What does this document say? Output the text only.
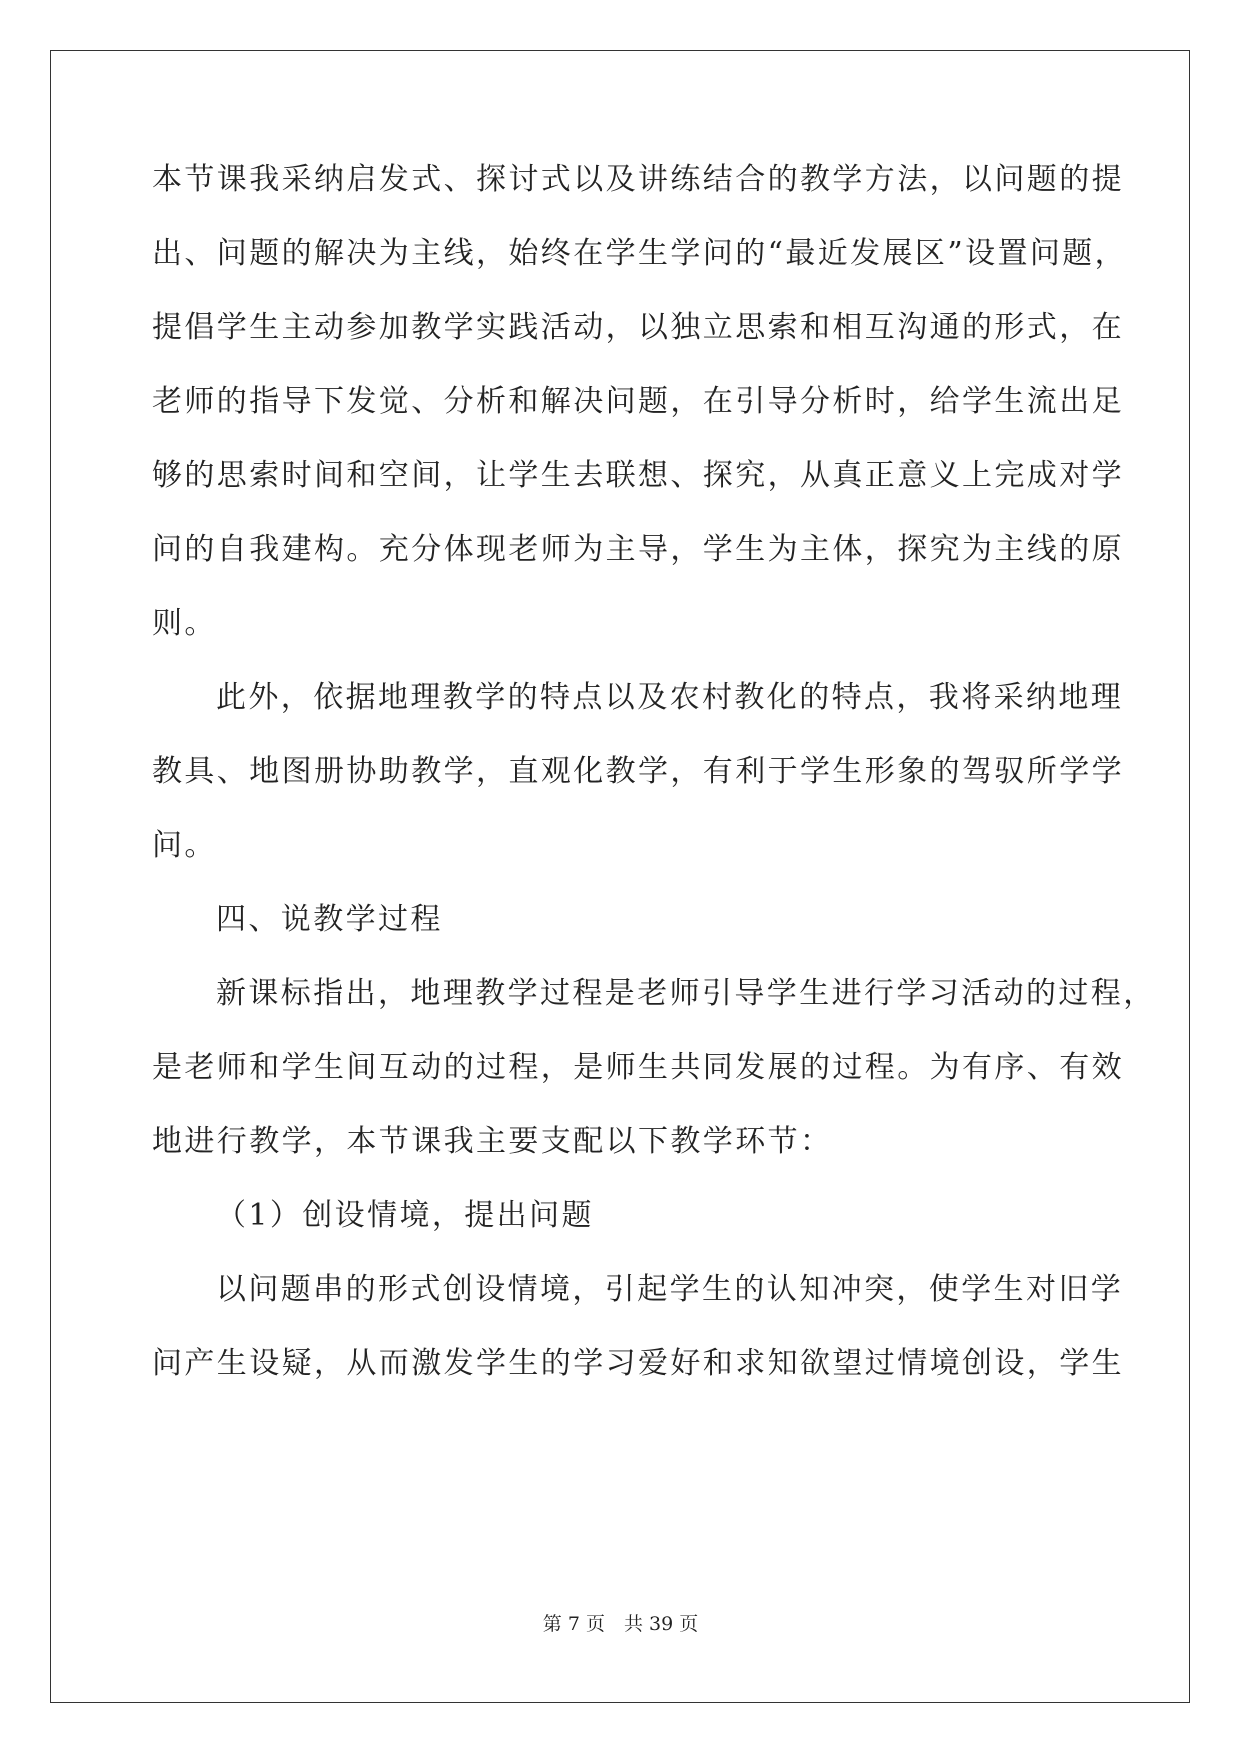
本节课我采纳启发式、探讨式以及讲练结合的教学方法，以问题的提
出、问题的解决为主线，始终在学生学问的“最近发展区”设置问题，
提倡学生主动参加教学实践活动，以独立思索和相互沟通的形式，在
老师的指导下发觉、分析和解决问题，在引导分析时，给学生流出足
够的思索时间和空间，让学生去联想、探究，从真正意义上完成对学
问的自我建构。充分体现老师为主导，学生为主体，探究为主线的原
则。
此外，依据地理教学的特点以及农村教化的特点，我将采纳地理
教具、地图册协助教学，直观化教学，有利于学生形象的驾驭所学学
问。
四、说教学过程
新课标指出，地理教学过程是老师引导学生进行学习活动的过程，
是老师和学生间互动的过程，是师生共同发展的过程。为有序、有效
地进行教学，本节课我主要支配以下教学环节：
（1）创设情境，提出问题
以问题串的形式创设情境，引起学生的认知冲突，使学生对旧学
问产生设疑，从而激发学生的学习爱好和求知欲望过情境创设，学生
第 7 页　共 39 页
